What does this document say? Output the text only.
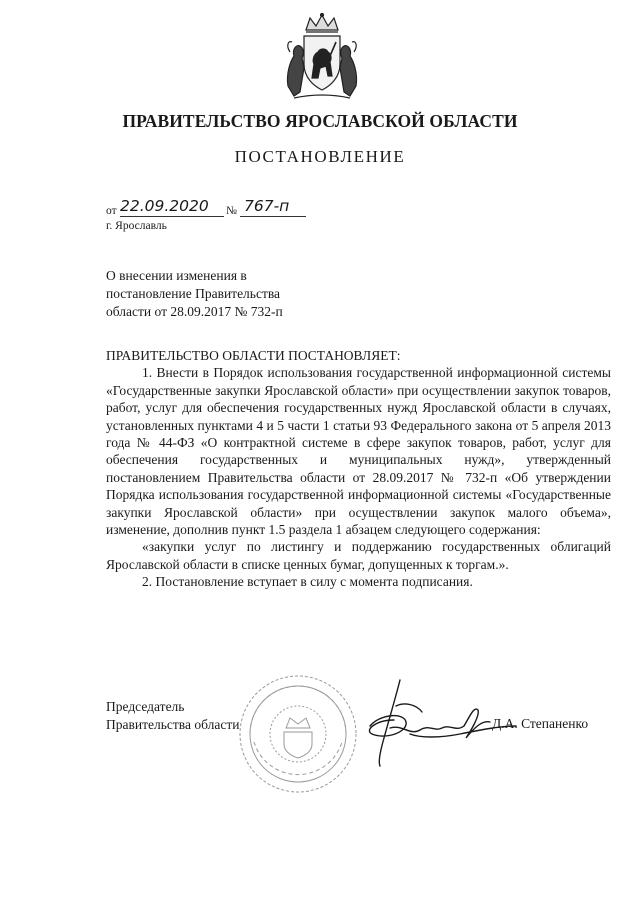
ПРАВИТЕЛЬСТВО ЯРОСЛАВСКОЙ ОБЛАСТИ
ПОСТАНОВЛЕНИЕ
от 22.09.2020 № 767-п
г. Ярославль
О внесении изменения в
постановление Правительства
области от 28.09.2017 № 732-п
ПРАВИТЕЛЬСТВО ОБЛАСТИ ПОСТАНОВЛЯЕТ:

1. Внести в Порядок использования государственной информационной системы «Государственные закупки Ярославской области» при осуществлении закупок товаров, работ, услуг для обеспечения государственных нужд Ярославской области в случаях, установленных пунктами 4 и 5 части 1 статьи 93 Федерального закона от 5 апреля 2013 года № 44-ФЗ «О контрактной системе в сфере закупок товаров, работ, услуг для обеспечения государственных и муниципальных нужд», утвержденный постановлением Правительства области от 28.09.2017 № 732-п «Об утверждении Порядка использования государственной информационной системы «Государственные закупки Ярославской области» при осуществлении закупок малого объема», изменение, дополнив пункт 1.5 раздела 1 абзацем следующего содержания:

«закупки услуг по листингу и поддержанию государственных облигаций Ярославской области в списке ценных бумаг, допущенных к торгам.».

2. Постановление вступает в силу с момента подписания.

Председатель
Правительства области	Д.А. Степаненко
